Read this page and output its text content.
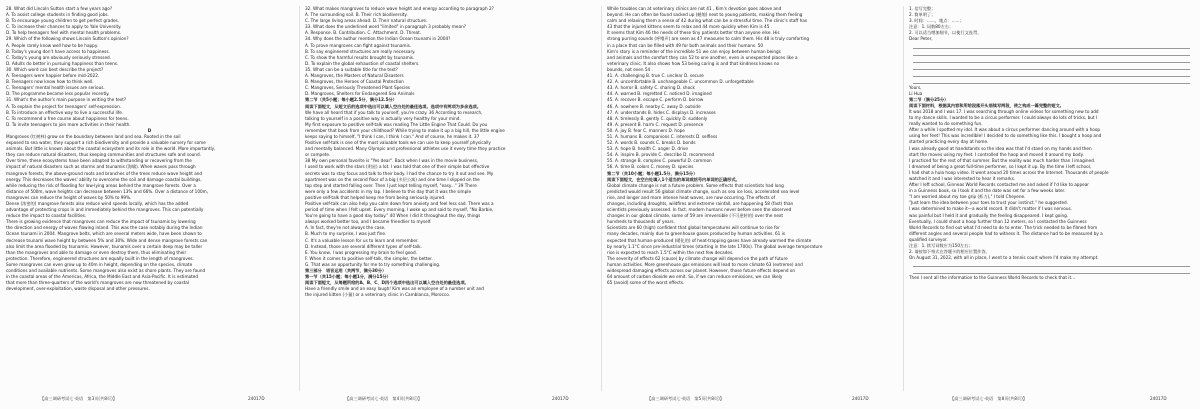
28. What did Lincoln Sutton start a few years ago?
A. To assist college students in finding good jobs.
B. To encourage young children to get perfect grades.
C. To increase their chances to apply to Yale University.
D. To help teenagers feel with mental health problems.
29. Which of the following shows Lincoln Sutton's opinion?
A. People rarely know well how to be happy.
B. Today's young don't have access to happiness.
C. Today's young are obviously seriously stressed.
D. Adults do better in pursuing happiness than teens.
30. Which word can best describe the project?
A. Teenagers were happier before mid-2022.
B. Teenagers now know how to think well.
C. Teenagers' mental health issues are serious.
D. The programme became less popular recently.
31. What's the author's main purpose in writing the text?
A. To explain the project for teenagers' self-expression.
B. To introduce an effective way to live a successful life.
C. To recommend a free course about happiness for teens.
D. To invite teenagers to join more activities in their health.
D
Mangroves (红树林) grow on the boundary between land and sea. Rooted in the soil
exposed to sea water, they support a rich biodiversity and provide a valuable nursery for some
animals. But little is known about the coastal ecosystem and its role in the world. More importantly,
they can reduce natural disasters, thus keeping communities and structures safe and sound.
Over time, these ecosystems have been adapted to withstanding or recovering from the
impact of natural disasters such as storms and tsunamis (海啸). When waves pass through
mangrove forests, the above-ground roots and branches of the trees reduce wave height and
energy. This decreases the waves' ability to overcome the soil and damage coastal buildings,
while reducing the risk of flooding for low-lying areas behind the mangrove forests. Over a
distance of 500m, wave heights can decrease between 13% and 66%. Over a distance of 100m,
mangroves can reduce the height of waves by 50% to 99%.
Dense (浓密的) mangrove forests also reduce wind speeds locally, which has the added
advantage of protecting crops in and immediately behind the mangroves. This can potentially
reduce the impact to coastal facilities.
There is growing evidence that mangroves can reduce the impact of tsunamis by lowering
the direction and energy of waves flowing inland. This was the case notably during the Indian
Ocean tsunami in 2004. Mangrove belts, which are several meters wide, have been shown to
decrease tsunami wave height by between 5% and 30%. Wide and dense mangrove forests can
also limit the area flooded by tsunamis. However, tsunamis over a certain deep may be taller
than the mangroves and able to damage or even destroy them, thus eliminating their
protection. Therefore, engineered structures are equally built in the length of mangroves.
Some mangroves can even grow up to 40m in height, depending on the species, climate
conditions and available nutrients. Some mangroves also exist as shore plants. They are found
in the coastal areas of the Americas, Africa, the Middle East and Asia-Pacific. It is estimated
that more than three-quarters of the world's mangroves are now threatened by coastal
development, over-exploitation, waste disposal and other pressures.
32. What makes mangroves to reduce wave height and energy according to paragraph 2?
A. The surrounding soil. B. Their rich biodiversity.
C. The large living areas ahead. D. Their natural structure.
33. What does the underlined word "limited" in paragraph 3 probably mean?
A. Response. B. Contribution. C. Attachment. D. Threat.
34. Why does the author mention the Indian Ocean tsunami in 2004?
A. To prove mangroves can fight against tsunamis.
B. To say engineered structures are really necessary.
C. To show the harmful results brought by tsunamis.
D. To explain the global exhaustion of coastal shelters.
35. What can be a suitable title for the text?
A. Mangroves, the Masters of Natural Disasters
B. Mangroves, the Heroes of Coastal Protection
C. Mangroves, Seriously Threatened Plant Species
D. Mangroves, Shelters for Endangered Sea Animals
第二节（共5小题；每小题2.5分，满分12.5分）
阅读下面短文，从短文后的选项中选出可以填入空白处的最佳选项。选项中有两项为多余选项。
We have all heard that if you talk to yourself, you're crazy. 36 According to research,
talking to yourself in a positive way is actually very healthy for your mind.
My first exposure to positive self-talk was reading The Little Engine That Could. Do you
remember that book from your childhood? While trying to make it up a big hill, the little engine
keeps saying to himself, "I think I can, I think I can." And of course, he makes it. 37
Positive self-talk is one of the most valuable tools we can use to keep yourself physically
and mentally balanced. Many Olympic and professional athletes use it every time they practice
or compete.
38 My own personal favorite is "Yes dear". Back when I was in the movie business,
I used to work with the stars (明星) a lot. I was told that one of their simple but effective
secrets was to stay focus and talk to their body. I had the chance to try it out and see. My
apartment was on the second floor of a big (多层公寓) and one time I slipped on the
top step and started falling over. Then I just kept telling myself, "easy..." 39 There
were only a few accidents in my lap. I believe to this day that it was the simple
positive self-talk that helped keep me from being seriously injured.
Positive self-talk can also help you calm down from anxiety and feel less sad. There was a
period of time when I felt upset. Every morning, I woke up and said to myself, "No Barbie,
You're going to have a good day today." 40 When I did it throughout the day, things
always worked better too, and I became friendlier to myself.
A. In fact, they're not always the case.
B. Much to my surprise, I was just fine.
C. It's a valuable lesson for us to learn and remember.
D. Instead, those are several different types of self-talk.
E. You know, I was progressing my brain to feel good.
F. When it comes to positive self-talk, the simpler, the better.
G. That was an opportunity for me to try something challenging.
第三部分　语言运用（共两节，满分30分）
第一节（共15小题；每小题1分，满分15分）
阅读下面短文，从每题所给的A、B、C、D四个选项中选出可以填入空白处的最佳选项。
Have a friendly smile and an easy laugh! Kim was an employee of a number unit and
the injured kitten (小猫) or a veterinary clinic in Camblanca, Morocco.
While troubles can at veterinary clinics are not 41 , Kim's devotion goes above and
beyond. He can often be found sacked up (蜷缩) next to young patients, making them feeling
calm and relaxing them a sense of 42 during what can be a stressful time. The clinic's staff has
43 that the injured kittens seem to relax and 44 more quickly when Kim is 45 .
It seems that Kim 46 the needs of these tiny patients better than anyone else. His
strong purring sounds (呼噜声) are seen as 47 measures to calm them. His 48 is truly comforting
in a place that can be filled with 49 for both animals and their humans. 50
Kim's story is a reminder of the incredible 51 we can enjoy between human beings
and animals and the comfort they can 52 to one another, even in unexpected places like a
veterinary clinic. It also shows how 53 being caring is and that kindness knows no
bounds, not even 54 .
41. A. challenging B. true C. unclear D. secure
42. A. uncomfortable B. unchangeable C. uncommon D. unforgettable
43. A. horror B. safety C. sharing D. shock
44. A. warned B. regretted C. noticed D. imagined
45. A. recover B. escape C. perform D. borrow
46. A. nowhere B. nearby C. away D. outside
47. A. understands B. hides C. displays D. increases
48. A. tirelessly B. gently C. quickly D. suddenly
49. A. present B. harm C. request D. presence
50. A. joy B. fear C. manners D. hope
51. A. humans B. companions C. interests D. selfless
52. A. words B. sounds C. breaks D. bonds
53. A. hope B. health C. anger D. drive
54. A. inspire B. provide C. describe D. recommend
55. A. strange B. complex C. powerful D. common
56. A. time B. colors C. money D. species
第二节（共10小题；每小题1.5分，满分15分）
阅读下面短文，在空白处填入1个适当的单词或括号内单词的正确形式。
Global climate change is not a future problem. Some effects that scientists had long
predicted would result 56 global climate change, such as sea ice loss, accelerated sea level
rise, and longer and more intense heat waves, are now occurring. The effects of
changes, including droughts, wildfires and extreme rainfall, are happening 58 (fast) than
scientists previously assessed. In fact, modern humans never before seen the observed
changes in our global climate, some of 59 are irreversible (不可逆转的) over the next
hundreds to thousands of years.
Scientists are 60 (high) confident that global temperatures will continue to rise for
many decades, mainly due to greenhouse gases produced by human activities. 61 is
expected that human-produced (暖化的) of heat-trapping gases have already warmed the climate
by nearly 1.1°C since pre-industrial times (starting in the late 1700s). The global average temperature
rise is expected to reach 1.5°C within the next few decades.
The severity of effects 62 (cause) by climate change will depend on the path of future
human activities. More greenhouse gas emissions will lead to more climate 63 (extreme) and
widespread damaging effects across our planet. However, those future effects depend on
64 amount of carbon dioxide we emit. So, if we can reduce emissions, we can likely
65 (avoid) some of the worst effects.
1. 信写完整；
2. 简单明了；
3. 时间：......，地点：......；
注意：1. 词数80左右；
2. 可以适当增加细节，以使行文连贯。
Dear Peter,
Yours,
Li Hua
第二节（满分25分）
阅读下面材料，根据其内容和所给段落开头语续写两段，使之构成一篇完整的短文。
It was 2018 and I was 17. I was searching through online videos for something new to add
to my dance skills. I wanted to be a circus performer. I could always do lots of tricks, but I
really wanted to do something fun.
After a while I spotted my idol. It was about a circus performer dancing around with a hoop
using her feet! This was incredible! I decided to do something like this. I bought a hoop and
started practicing every day at home.
I was already good at handstands so the idea was that I'd stand on my hands and then
start the moves using my feet. I controlled the hoop and moved it around my body.
I practiced for the rest of that summer. But the reality was much harder than I imagined.
I dreamed of being a great full-time performer, so I kept it up. By the time I left school,
I had shot a hula hoop video. It went around 20 times across the Internet. Thousands of people
watched it and I was interested to hear it remarks.
After I left school, Ginneas World Records contacted me and asked if I'd like to appear
in a Guinness book, so I took it and the date was set for a few weeks later.
"I am worried about my toe grip (抓力)," I told Cheyene.
"Just learn the idea between your toes to trust your instinct." he suggested.
I was determined to make it—a world record. It didn't matter if I was nervous.
was painful but I held it and gradually the feeling disappeared. I kept going.
Eventually, I could shoot a hoop further than 12 meters, so I contacted the Guinness
World Records to find out what I'd need to do to enter. The trick needed to be filmed from
different angles and several people had to witness it. The distance had to be measured by a
qualified surveyor.
注意：1. 续写词数应为150左右；
2. 请按如下格式在答题卡的相应位置作答。
On August 31, 2022, with all in place, I went to a tennis court where I'd make my attempt.
Then I sent all the information to the Guinness World Records to check that it...
【高三调研考试七·英语　第3页(共8页)】	24017D	【高三调研考试七·英语　第4页(共8页)】	24017D	【高三调研考试七·英语　第5页(共8页)】	24017D	【高三调研考试七·英语　第8页(共8页)】	24017D
